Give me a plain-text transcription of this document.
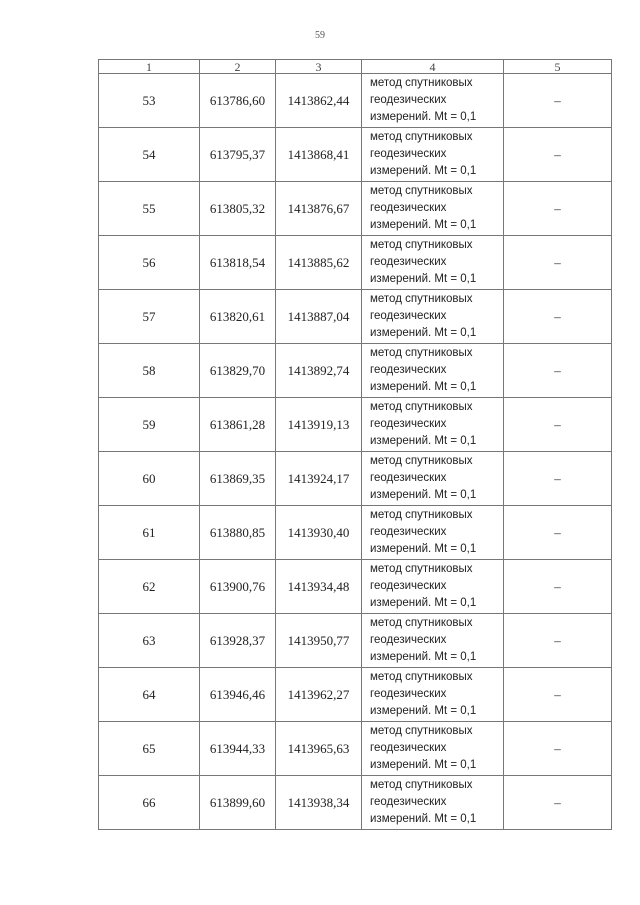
59
1	2	3	4	5
53	613786,60	1413862,44	метод спутниковых
геодезических
измерений. Mt = 0,1	–
54	613795,37	1413868,41	метод спутниковых
геодезических
измерений. Mt = 0,1	–
55	613805,32	1413876,67	метод спутниковых
геодезических
измерений. Mt = 0,1	–
56	613818,54	1413885,62	метод спутниковых
геодезических
измерений. Mt = 0,1	–
57	613820,61	1413887,04	метод спутниковых
геодезических
измерений. Mt = 0,1	–
58	613829,70	1413892,74	метод спутниковых
геодезических
измерений. Mt = 0,1	–
59	613861,28	1413919,13	метод спутниковых
геодезических
измерений. Mt = 0,1	–
60	613869,35	1413924,17	метод спутниковых
геодезических
измерений. Mt = 0,1	–
61	613880,85	1413930,40	метод спутниковых
геодезических
измерений. Mt = 0,1	–
62	613900,76	1413934,48	метод спутниковых
геодезических
измерений. Mt = 0,1	–
63	613928,37	1413950,77	метод спутниковых
геодезических
измерений. Mt = 0,1	–
64	613946,46	1413962,27	метод спутниковых
геодезических
измерений. Mt = 0,1	–
65	613944,33	1413965,63	метод спутниковых
геодезических
измерений. Mt = 0,1	–
66	613899,60	1413938,34	метод спутниковых
геодезических
измерений. Mt = 0,1	–
